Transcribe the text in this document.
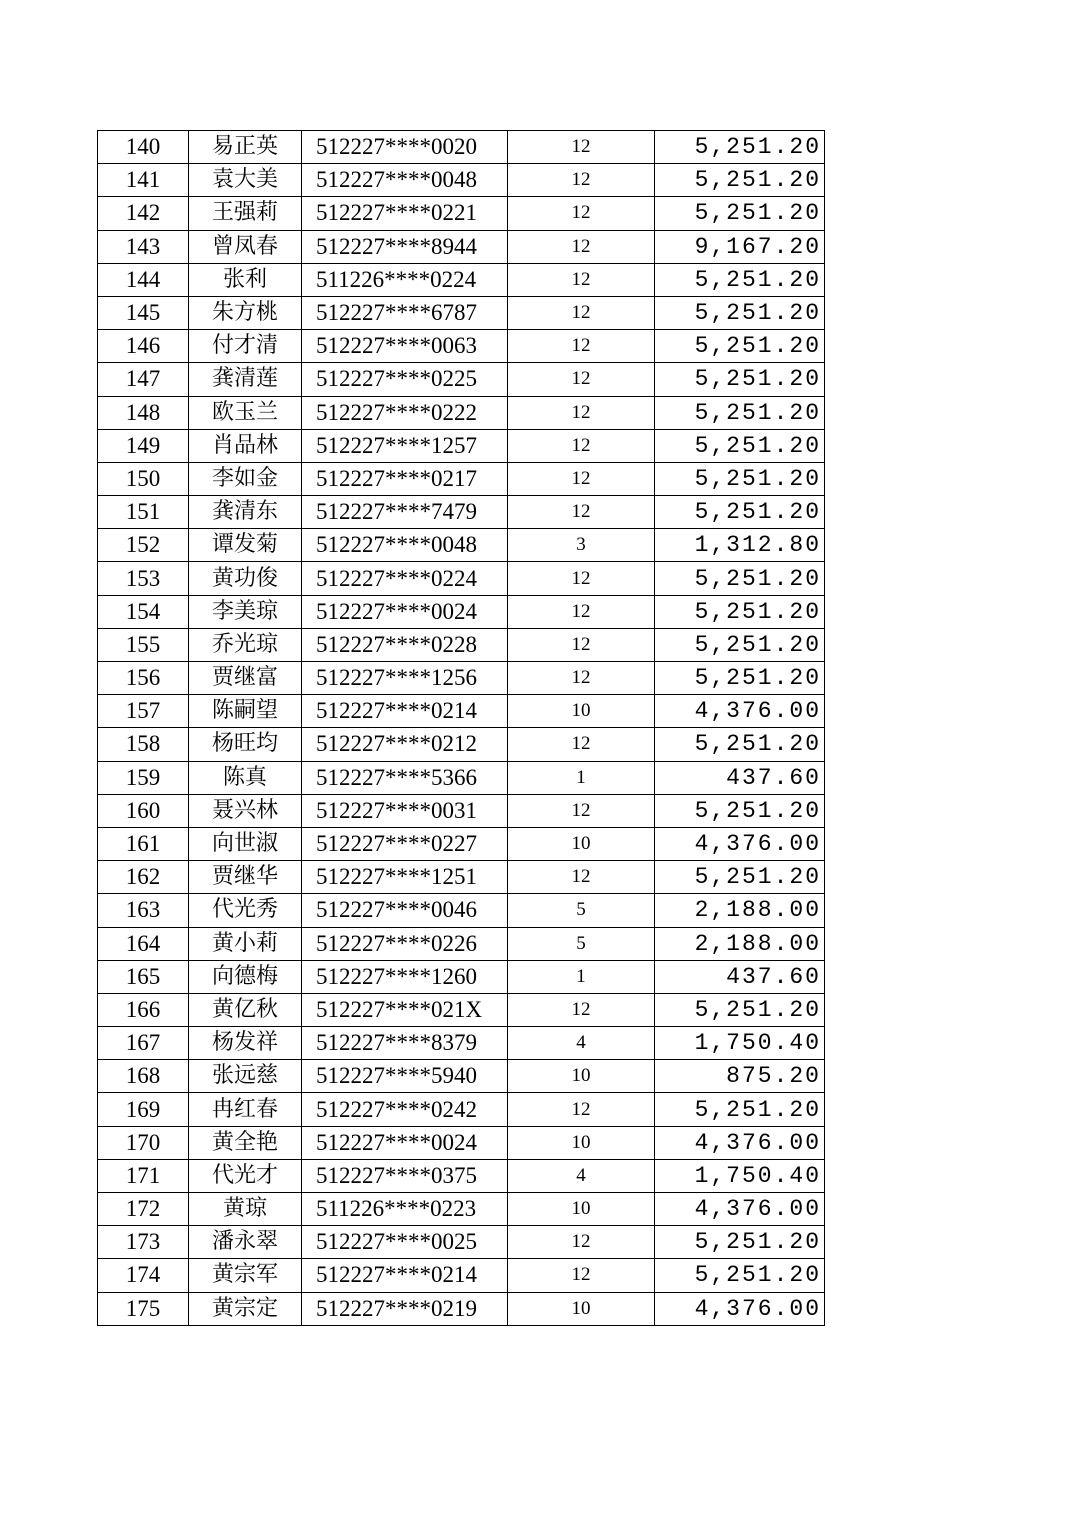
140	易正英	512227****0020	12	5,251.20
141	袁大美	512227****0048	12	5,251.20
142	王强莉	512227****0221	12	5,251.20
143	曾凤春	512227****8944	12	9,167.20
144	张利	511226****0224	12	5,251.20
145	朱方桃	512227****6787	12	5,251.20
146	付才清	512227****0063	12	5,251.20
147	龚清莲	512227****0225	12	5,251.20
148	欧玉兰	512227****0222	12	5,251.20
149	肖品林	512227****1257	12	5,251.20
150	李如金	512227****0217	12	5,251.20
151	龚清东	512227****7479	12	5,251.20
152	谭发菊	512227****0048	3	1,312.80
153	黄功俊	512227****0224	12	5,251.20
154	李美琼	512227****0024	12	5,251.20
155	乔光琼	512227****0228	12	5,251.20
156	贾继富	512227****1256	12	5,251.20
157	陈嗣望	512227****0214	10	4,376.00
158	杨旺均	512227****0212	12	5,251.20
159	陈真	512227****5366	1	437.60
160	聂兴林	512227****0031	12	5,251.20
161	向世淑	512227****0227	10	4,376.00
162	贾继华	512227****1251	12	5,251.20
163	代光秀	512227****0046	5	2,188.00
164	黄小莉	512227****0226	5	2,188.00
165	向德梅	512227****1260	1	437.60
166	黄亿秋	512227****021X	12	5,251.20
167	杨发祥	512227****8379	4	1,750.40
168	张远慈	512227****5940	10	875.20
169	冉红春	512227****0242	12	5,251.20
170	黄全艳	512227****0024	10	4,376.00
171	代光才	512227****0375	4	1,750.40
172	黄琼	511226****0223	10	4,376.00
173	潘永翠	512227****0025	12	5,251.20
174	黄宗军	512227****0214	12	5,251.20
175	黄宗定	512227****0219	10	4,376.00
